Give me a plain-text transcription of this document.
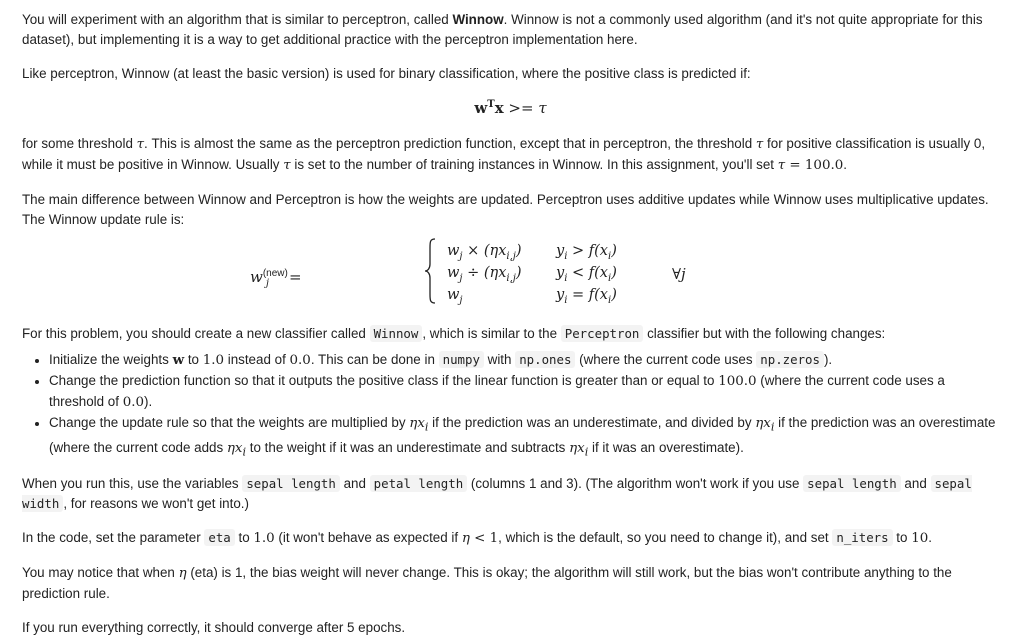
You will experiment with an algorithm that is similar to perceptron, called Winnow. Winnow is not a commonly used algorithm (and it's not quite appropriate for this dataset), but implementing it is a way to get additional practice with the perceptron implementation here.

Like perceptron, Winnow (at least the basic version) is used for binary classification, where the positive class is predicted if:

$w^Tx >= \tau$

for some threshold τ. This is almost the same as the perceptron prediction function, except that in perceptron, the threshold τ for positive classification is usually 0, while it must be positive in Winnow. Usually τ is set to the number of training instances in Winnow. In this assignment, you'll set τ = 100.0.

The main difference between Winnow and Perceptron is how the weights are updated. Perceptron uses additive updates while Winnow uses multiplicative updates. The Winnow update rule is:

$w^{(new)}_j$ =
$w_j \times (\eta x_{i,j}) y_i > f(x_i)$
$w_j \div (\eta x_{i,j}) y_i < f(x_i)$
$w_j$	$y_i = f(x_i)$
∀j

For this problem, you should create a new classifier called Winnow , which is similar to the Perceptron classifier but with the following changes:

• Initialize the weights w to 1.0 instead of 0.0. This can be done in numpy with np.ones (where the current code uses np.zeros ).
• Change the prediction function so that it outputs the positive class if the linear function is greater than or equal to 100.0 (where the current code uses a threshold of 0.0).
• Change the update rule so that the weights are multiplied by $\eta x_i$ if the prediction was an underestimate, and divided by $\eta x_i$ if the prediction was an overestimate (where the current code adds $\eta x_i$ to the weight if it was an underestimate and subtracts $\eta x_i$ if it was an overestimate).

When you run this, use the variables sepal length and petal length (columns 1 and 3). (The algorithm won't work if you use sepal length and sepal width , for reasons we won't get into.)

In the code, set the parameter eta to 1.0 (it won't behave as expected if η < 1, which is the default, so you need to change it), and set n_iters to 10.

You may notice that when η (eta) is 1, the bias weight will never change. This is okay; the algorithm will still work, but the bias won't contribute anything to the prediction rule.

If you run everything correctly, it should converge after 5 epochs.
